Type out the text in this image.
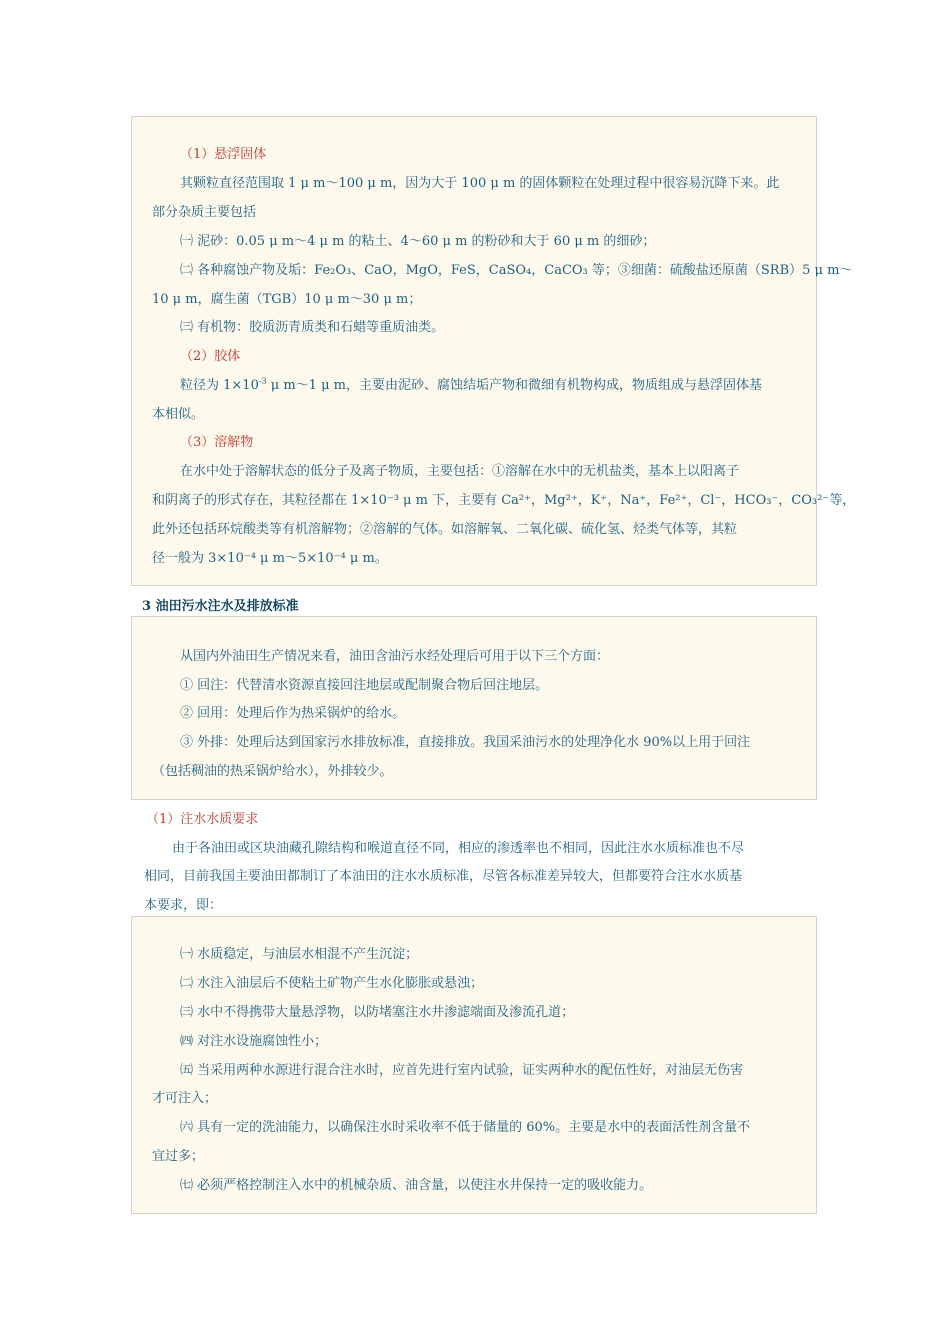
（1）悬浮固体
其颗粒直径范围取 1 μ m～100 μ m，因为大于 100 μ m 的固体颗粒在处理过程中很容易沉降下来。此
部分杂质主要包括
㈠ 泥砂：0.05 μ m～4 μ m 的粘土、4～60 μ m 的粉砂和大于 60 μ m 的细砂；
㈡ 各种腐蚀产物及垢：Fe₂O₃、CaO，MgO，FeS，CaSO₄，CaCO₃ 等；③细菌：硫酸盐还原菌（SRB）5 μ m～
10 μ m，腐生菌（TGB）10 μ m～30 μ m；
㈢ 有机物：胶质沥青质类和石蜡等重质油类。
（2）胶体
粒径为 $1\times 10^{-3}$ μ m～1 μ m，主要由泥砂、腐蚀结垢产物和微细有机物构成，物质组成与悬浮固体基
本相似。
（3）溶解物
在水中处于溶解状态的低分子及离子物质，主要包括：①溶解在水中的无机盐类，基本上以阳离子
和阴离子的形式存在，其粒径都在 1×10⁻³ μ m 下，主要有 Ca²⁺，Mg²⁺，K⁺，Na⁺，Fe²⁺，Cl⁻，HCO₃⁻，CO₃²⁻等，
此外还包括环烷酸类等有机溶解物；②溶解的气体。如溶解氧、二氧化碳、硫化氢、烃类气体等，其粒
径一般为 3×10⁻⁴ μ m～5×10⁻⁴ μ m。
3 油田污水注水及排放标准
从国内外油田生产情况来看，油田含油污水经处理后可用于以下三个方面：
① 回注：代替清水资源直接回注地层或配制聚合物后回注地层。
② 回用：处理后作为热采锅炉的给水。
③ 外排：处理后达到国家污水排放标准，直接排放。我国采油污水的处理净化水 90%以上用于回注
（包括稠油的热采锅炉给水），外排较少。
（1）注水水质要求
由于各油田或区块油藏孔隙结构和喉道直径不同，相应的渗透率也不相同，因此注水水质标准也不尽
相同，目前我国主要油田都制订了本油田的注水水质标准，尽管各标准差异较大，但都要符合注水水质基
本要求，即：
㈠ 水质稳定，与油层水相混不产生沉淀；
㈡ 水注入油层后不使粘土矿物产生水化膨胀或悬浊；
㈢ 水中不得携带大量悬浮物，以防堵塞注水井渗滤端面及渗流孔道；
㈣ 对注水设施腐蚀性小；
㈤ 当采用两种水源进行混合注水时，应首先进行室内试验，证实两种水的配伍性好，对油层无伤害
才可注入；
㈥ 具有一定的洗油能力，以确保注水时采收率不低于储量的 60%。主要是水中的表面活性剂含量不
宜过多；
㈦ 必须严格控制注入水中的机械杂质、油含量，以使注水井保持一定的吸收能力。
